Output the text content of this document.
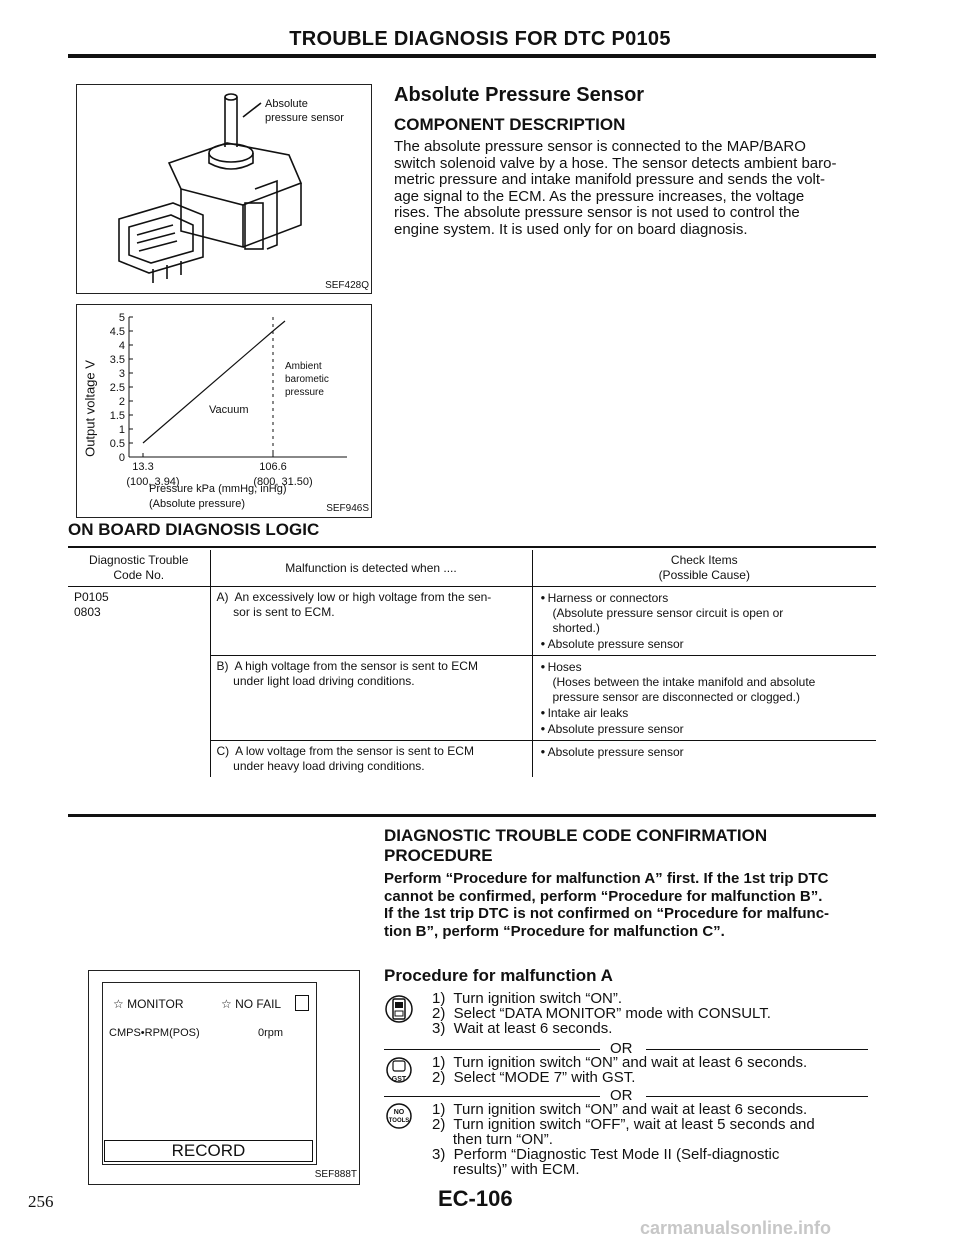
TROUBLE DIAGNOSIS FOR DTC P0105
Absolute
pressure sensor
SEF428Q
5
4.5
4
3.5
3
2.5
2
1.5
1
0.5
0
13.3
(100, 3.94)
106.6
(800, 31.50)
Vacuum
Ambient
barometic
pressure
Output voltage V
SEF946S
Pressure kPa (mmHg, inHg)
(Absolute pressure)
Absolute Pressure Sensor
COMPONENT DESCRIPTION
The absolute pressure sensor is connected to the MAP/BARO
switch solenoid valve by a hose. The sensor detects ambient baro-
metric pressure and intake manifold pressure and sends the volt-
age signal to the ECM. As the pressure increases, the voltage
rises. The absolute pressure sensor is not used to control the
engine system. It is used only for on board diagnosis.
ON BOARD DIAGNOSIS LOGIC
Diagnostic Trouble
Code No.	Malfunction is detected when ....	Check Items
(Possible Cause)

P0105
0803	A)  An excessively low or high voltage from the sen-
sor is sent to ECM.	● Harness or connectors
(Absolute pressure sensor circuit is open or
shorted.)
● Absolute pressure sensor

	B)  A high voltage from the sensor is sent to ECM
under light load driving conditions.	● Hoses
(Hoses between the intake manifold and absolute
pressure sensor are disconnected or clogged.)
● Intake air leaks
● Absolute pressure sensor

	C)  A low voltage from the sensor is sent to ECM
under heavy load driving conditions.	● Absolute pressure sensor
DIAGNOSTIC TROUBLE CODE CONFIRMATION
PROCEDURE
Perform “Procedure for malfunction A” first. If the 1st trip DTC
cannot be confirmed, perform “Procedure for malfunction B”.
If the 1st trip DTC is not confirmed on “Procedure for malfunc-
tion B”, perform “Procedure for malfunction C”.
Procedure for malfunction A
1)  Turn ignition switch “ON”.
2)  Select “DATA MONITOR” mode with CONSULT.
3)  Wait at least 6 seconds.
OR
GST
1)  Turn ignition switch “ON” and wait at least 6 seconds.
2)  Select “MODE 7” with GST.
OR
NO
TOOLS
1)  Turn ignition switch “ON” and wait at least 6 seconds.
2)  Turn ignition switch “OFF”, wait at least 5 seconds and
then turn “ON”.
3)  Perform “Diagnostic Test Mode II (Self-diagnostic
results)” with ECM.
☆ MONITOR	☆ NO FAIL
CMPS•RPM(POS)	0rpm
RECORD
SEF888T
256	EC-106
carmanualsonline.info
